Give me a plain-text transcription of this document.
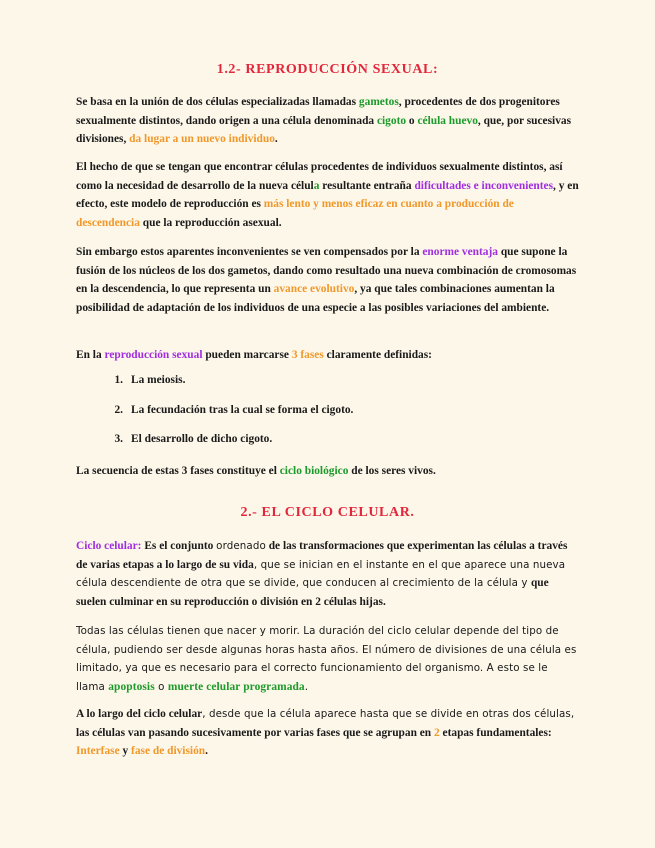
1.2- REPRODUCCIÓN SEXUAL:
Se basa en la unión de dos células especializadas llamadas gametos, procedentes de dos progenitores sexualmente distintos, dando origen a una célula denominada cigoto o célula huevo, que, por sucesivas divisiones, da lugar a un nuevo individuo.
El hecho de que se tengan que encontrar células procedentes de individuos sexualmente distintos, así como la necesidad de desarrollo de la nueva célula resultante entraña dificultades e inconvenientes, y en efecto, este modelo de reproducción es más lento y menos eficaz en cuanto a producción de descendencia que la reproducción asexual.
Sin embargo estos aparentes inconvenientes se ven compensados por la enorme ventaja que supone la fusión de los núcleos de los dos gametos, dando como resultado una nueva combinación de cromosomas en la descendencia, lo que representa un avance evolutivo, ya que tales combinaciones aumentan la posibilidad de adaptación de los individuos de una especie a las posibles variaciones del ambiente.
En la reproducción sexual pueden marcarse 3 fases claramente definidas:
1. La meiosis.
2. La fecundación tras la cual se forma el cigoto.
3. El desarrollo de dicho cigoto.
La secuencia de estas 3 fases constituye el ciclo biológico de los seres vivos.
2.- EL CICLO CELULAR.
Ciclo celular: Es el conjunto ordenado de las transformaciones que experimentan las células a través de varias etapas a lo largo de su vida, que se inician en el instante en el que aparece una nueva célula descendiente de otra que se divide, que conducen al crecimiento de la célula y que suelen culminar en su reproducción o división en 2 células hijas.
Todas las células tienen que nacer y morir. La duración del ciclo celular depende del tipo de célula, pudiendo ser desde algunas horas hasta años. El número de divisiones de una célula es limitado, ya que es necesario para el correcto funcionamiento del organismo. A esto se le llama apoptosis o muerte celular programada.
A lo largo del ciclo celular, desde que la célula aparece hasta que se divide en otras dos células, las células van pasando sucesivamente por varias fases que se agrupan en 2 etapas fundamentales: Interfase y fase de división.
